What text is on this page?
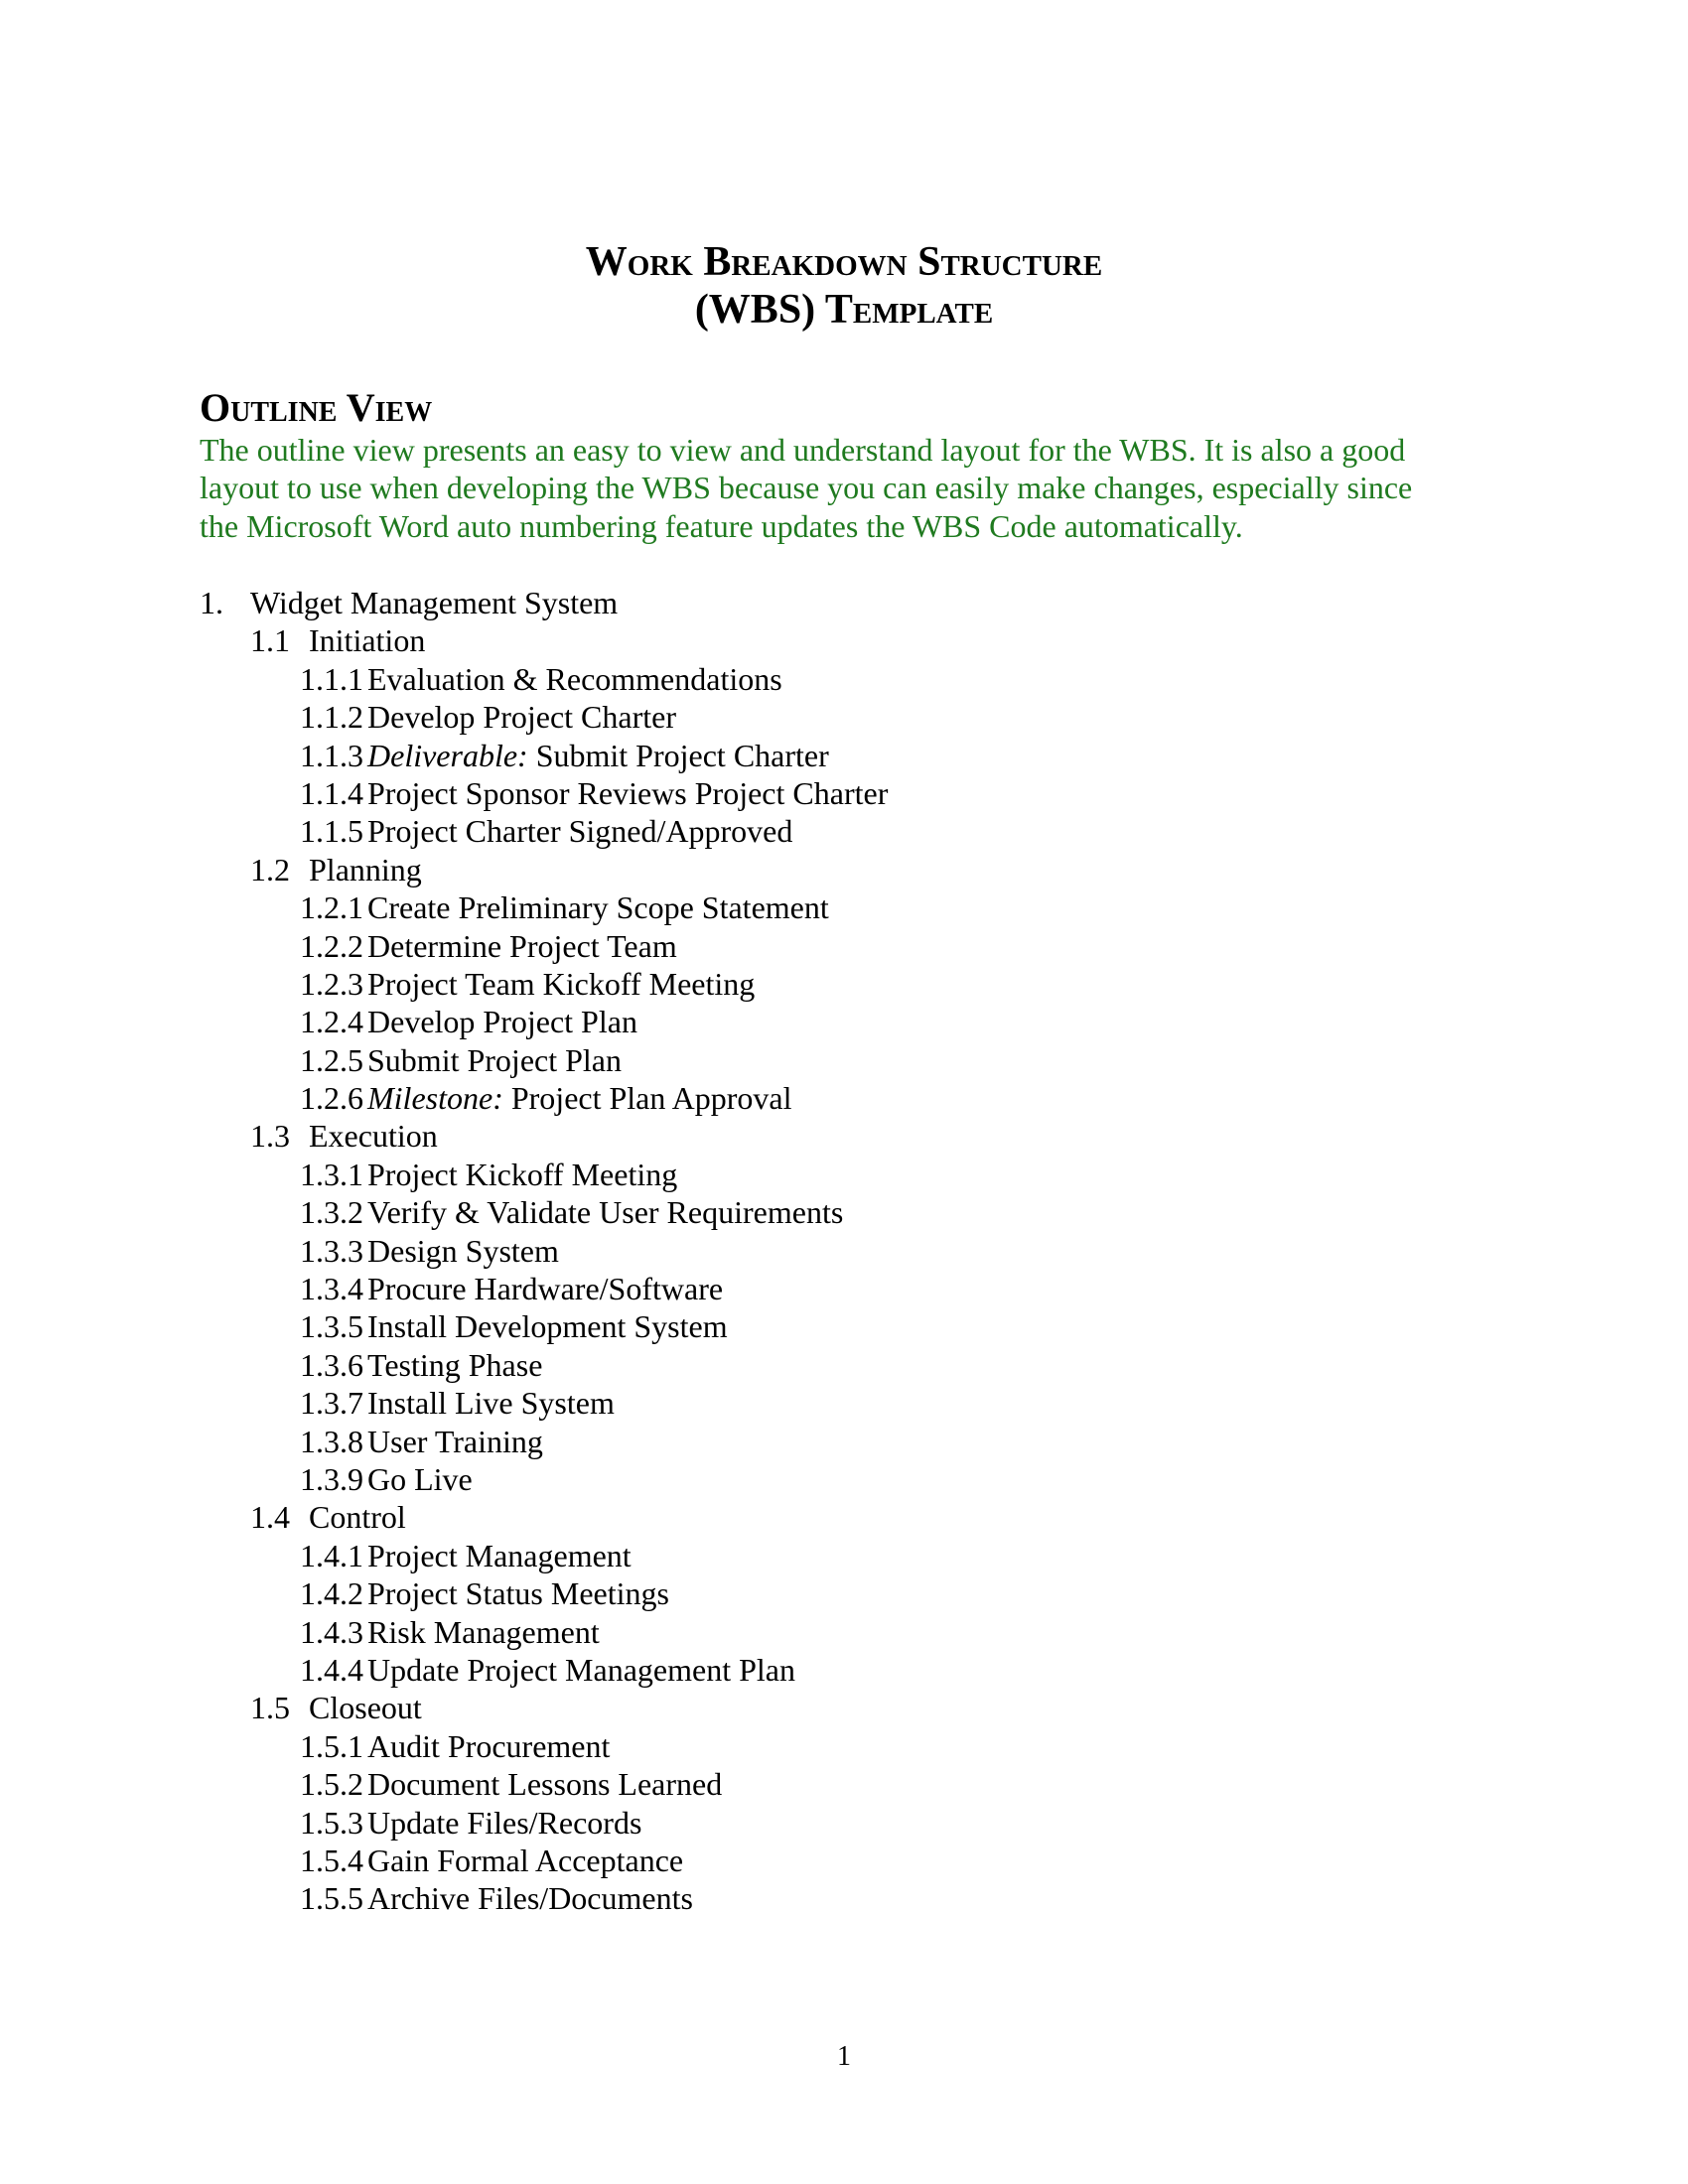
Work Breakdown Structure
(WBS) Template
Outline View
The outline view presents an easy to view and understand layout for the WBS. It is also a good
layout to use when developing the WBS because you can easily make changes, especially since
the Microsoft Word auto numbering feature updates the WBS Code automatically.
1. Widget Management System
1.1 Initiation
1.1.1 Evaluation & Recommendations
1.1.2 Develop Project Charter
1.1.3 Deliverable: Submit Project Charter
1.1.4 Project Sponsor Reviews Project Charter
1.1.5 Project Charter Signed/Approved
1.2 Planning
1.2.1 Create Preliminary Scope Statement
1.2.2 Determine Project Team
1.2.3 Project Team Kickoff Meeting
1.2.4 Develop Project Plan
1.2.5 Submit Project Plan
1.2.6 Milestone: Project Plan Approval
1.3 Execution
1.3.1 Project Kickoff Meeting
1.3.2 Verify & Validate User Requirements
1.3.3 Design System
1.3.4 Procure Hardware/Software
1.3.5 Install Development System
1.3.6 Testing Phase
1.3.7 Install Live System
1.3.8 User Training
1.3.9 Go Live
1.4 Control
1.4.1 Project Management
1.4.2 Project Status Meetings
1.4.3 Risk Management
1.4.4 Update Project Management Plan
1.5 Closeout
1.5.1 Audit Procurement
1.5.2 Document Lessons Learned
1.5.3 Update Files/Records
1.5.4 Gain Formal Acceptance
1.5.5 Archive Files/Documents
1
